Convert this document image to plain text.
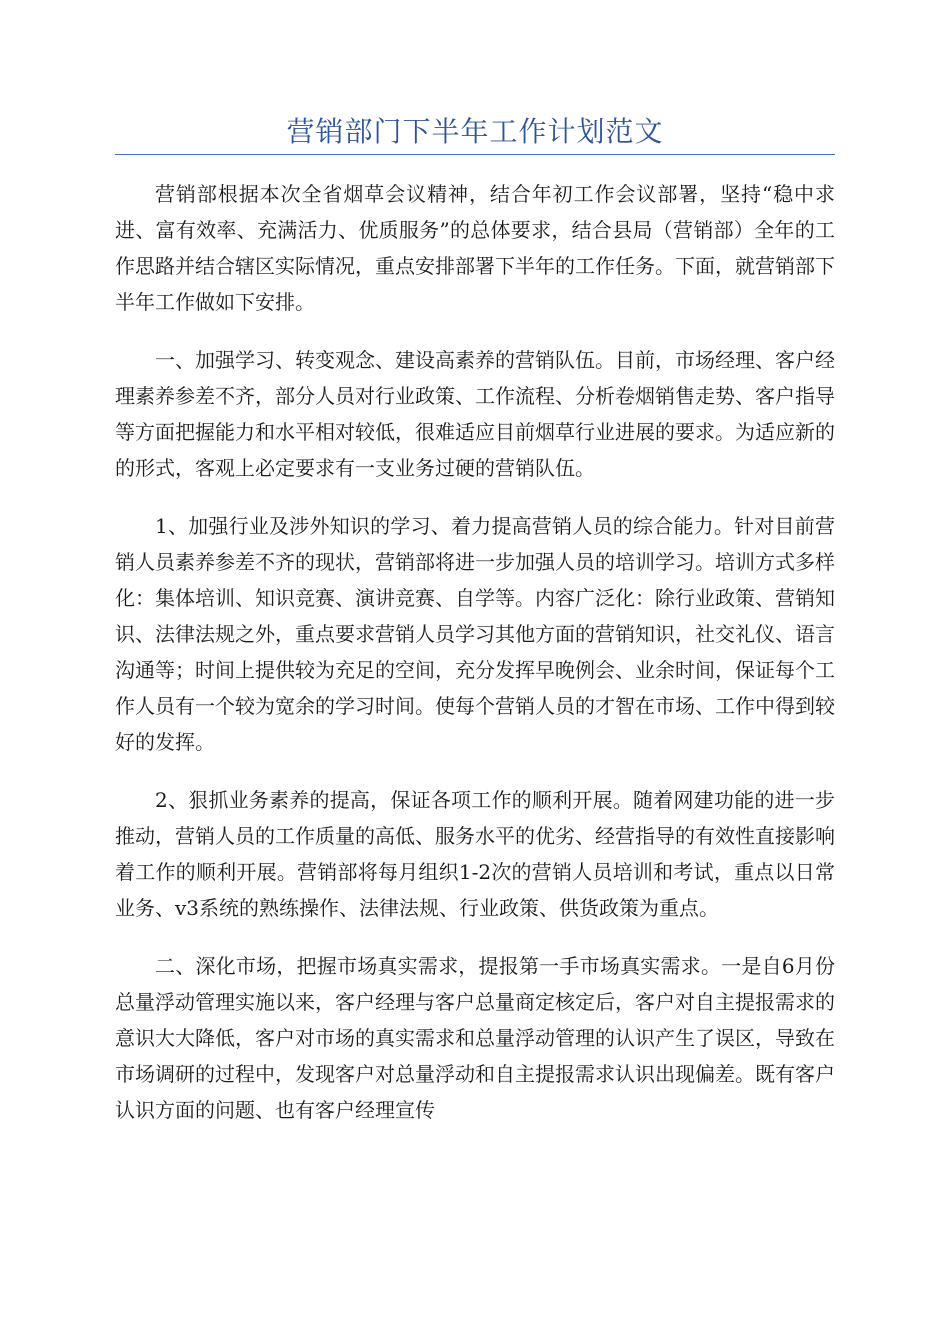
营销部门下半年工作计划范文

营销部根据本次全省烟草会议精神，结合年初工作会议部署，坚持“稳中求进、富有效率、充满活力、优质服务”的总体要求，结合县局（营销部）全年的工作思路并结合辖区实际情况，重点安排部署下半年的工作任务。下面，就营销部下半年工作做如下安排。

一、加强学习、转变观念、建设高素养的营销队伍。目前，市场经理、客户经理素养参差不齐，部分人员对行业政策、工作流程、分析卷烟销售走势、客户指导等方面把握能力和水平相对较低，很难适应目前烟草行业进展的要求。为适应新的的形式，客观上必定要求有一支业务过硬的营销队伍。

1、加强行业及涉外知识的学习、着力提高营销人员的综合能力。针对目前营销人员素养参差不齐的现状，营销部将进一步加强人员的培训学习。培训方式多样化：集体培训、知识竞赛、演讲竞赛、自学等。内容广泛化：除行业政策、营销知识、法律法规之外，重点要求营销人员学习其他方面的营销知识，社交礼仪、语言沟通等；时间上提供较为充足的空间，充分发挥早晚例会、业余时间，保证每个工作人员有一个较为宽余的学习时间。使每个营销人员的才智在市场、工作中得到较好的发挥。

2、狠抓业务素养的提高，保证各项工作的顺利开展。随着网建功能的进一步推动，营销人员的工作质量的高低、服务水平的优劣、经营指导的有效性直接影响着工作的顺利开展。营销部将每月组织1-2次的营销人员培训和考试，重点以日常业务、v3系统的熟练操作、法律法规、行业政策、供货政策为重点。

二、深化市场，把握市场真实需求，提报第一手市场真实需求。一是自6月份总量浮动管理实施以来，客户经理与客户总量商定核定后，客户对自主提报需求的意识大大降低，客户对市场的真实需求和总量浮动管理的认识产生了误区，导致在市场调研的过程中，发现客户对总量浮动和自主提报需求认识出现偏差。既有客户认识方面的问题、也有客户经理宣传
